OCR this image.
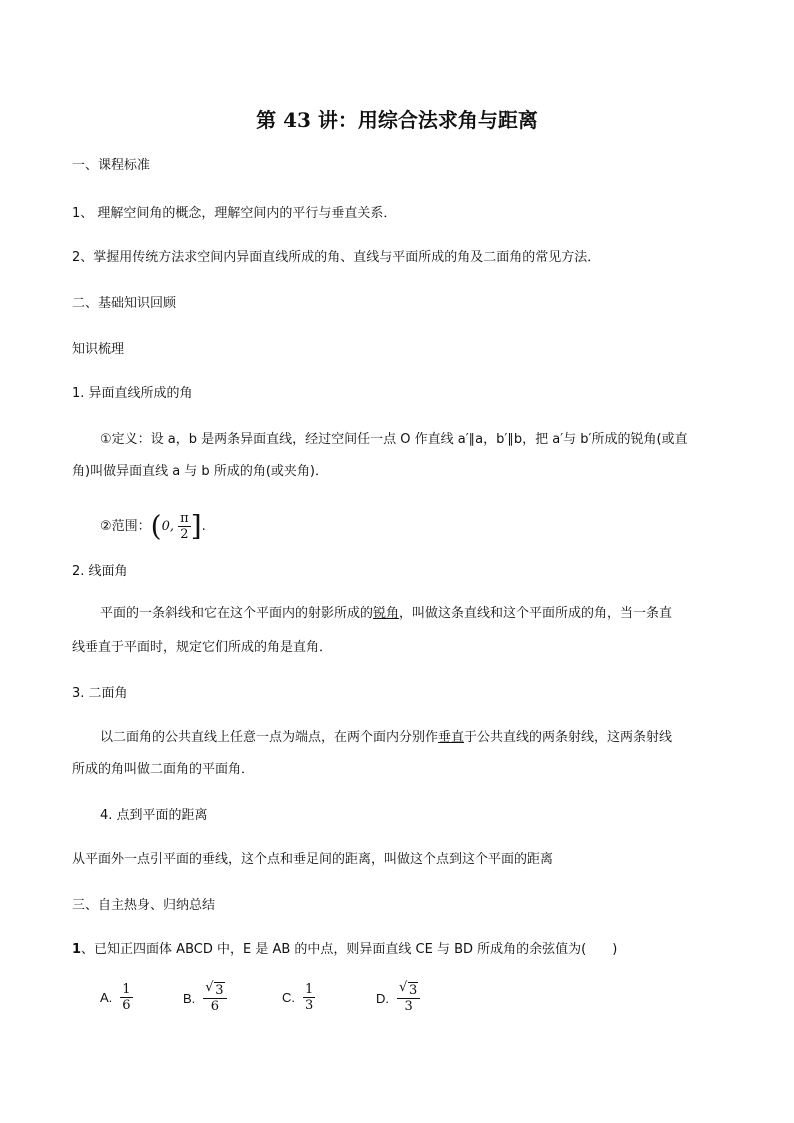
第 43 讲：用综合法求角与距离
一、课程标准
1、 理解空间角的概念，理解空间内的平行与垂直关系．
2、掌握用传统方法求空间内异面直线所成的角、直线与平面所成的角及二面角的常见方法．
二、基础知识回顾
知识梳理
1. 异面直线所成的角
①定义：设 a，b 是两条异面直线，经过空间任一点 O 作直线 a′∥a，b′∥b，把 a′与 b′所成的锐角(或直
角)叫做异面直线 a 与 b 所成的角(或夹角)．
②范围：(0, $\frac{\pi}{2}$ ].
2. 线面角
平面的一条斜线和它在这个平面内的射影所成的锐角，叫做这条直线和这个平面所成的角，当一条直
线垂直于平面时，规定它们所成的角是直角．
3. 二面角
以二面角的公共直线上任意一点为端点，在两个面内分别作垂直于公共直线的两条射线，这两条射线
所成的角叫做二面角的平面角．
4. 点到平面的距离
从平面外一点引平面的垂线，这个点和垂足间的距离，叫做这个点到这个平面的距离
三、自主热身、归纳总结
1、已知正四面体 ABCD 中，E 是 AB 的中点，则异面直线 CE 与 BD 所成角的余弦值为(　　)
A. $\frac{1}{6}$	B. √ $\frac{3}{6}$	C. $\frac{1}{3}$	D. √ $\frac{3}{3}$
